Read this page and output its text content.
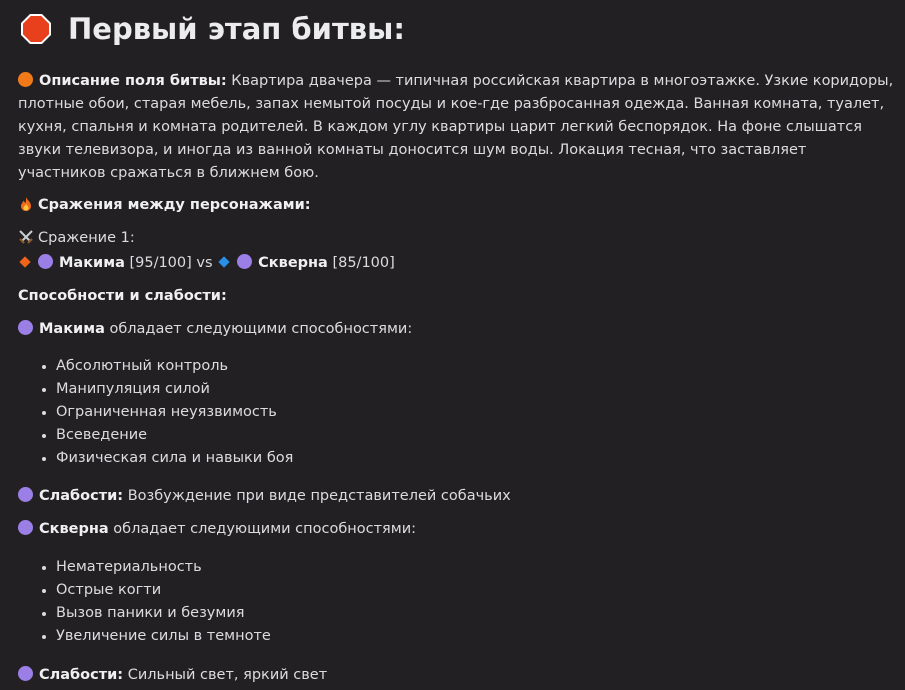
Первый этап битвы:
Описание поля битвы: Квартира двачера — типичная российская квартира в многоэтажке. Узкие коридоры, плотные обои, старая мебель, запах немытой посуды и кое-где разбросанная одежда. Ванная комната, туалет, кухня, спальня и комната родителей. В каждом углу квартиры царит легкий беспорядок. На фоне слышатся звуки телевизора, и иногда из ванной комнаты доносится шум воды. Локация тесная, что заставляет участников сражаться в ближнем бою.
Сражения между персонажами:
Сражение 1:
Макима [95/100] vs	Скверна [85/100]
Способности и слабости:
Макима обладает следующими способностями:
• Абсолютный контроль
• Манипуляция силой
• Ограниченная неуязвимость
• Всеведение
• Физическая сила и навыки боя
Слабости: Возбуждение при виде представителей собачьих
Скверна обладает следующими способностями:
• Нематериальность
• Острые когти
• Вызов паники и безумия
• Увеличение силы в темноте
Слабости: Сильный свет, яркий свет
